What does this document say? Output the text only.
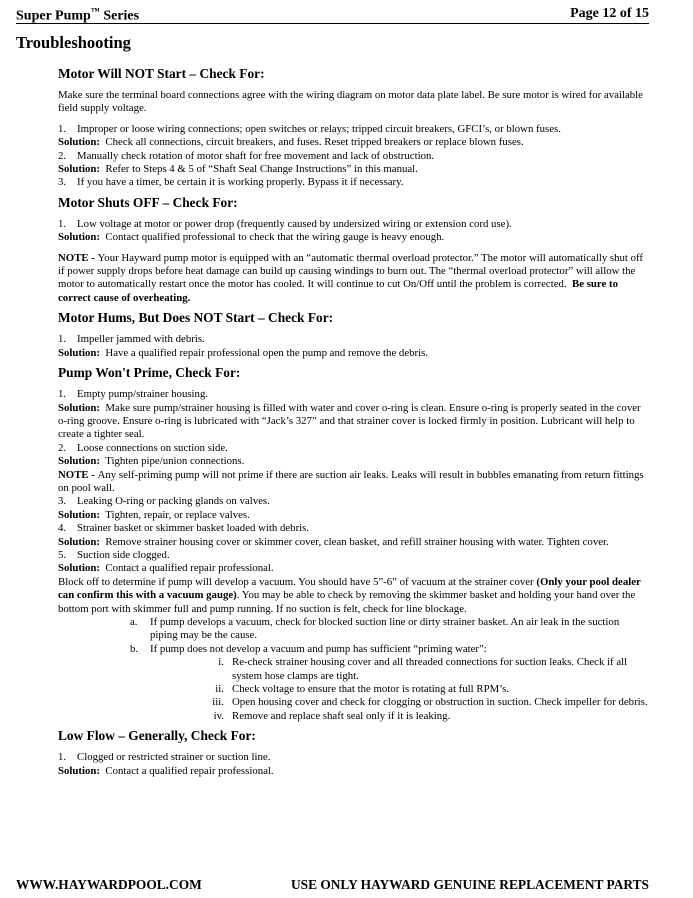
Super Pump™ Series	Page 12 of 15
Troubleshooting
Motor Will NOT Start – Check For:

Make sure the terminal board connections agree with the wiring diagram on motor data plate label. Be sure motor is wired for available field supply voltage.

1.	Improper or loose wiring connections; open switches or relays; tripped circuit breakers, GFCI’s, or blown fuses.

Solution: Check all connections, circuit breakers, and fuses. Reset tripped breakers or replace blown fuses.

2.	Manually check rotation of motor shaft for free movement and lack of obstruction.

Solution: Refer to Steps 4 & 5 of “Shaft Seal Change Instructions” in this manual.

3.	If you have a timer, be certain it is working properly. Bypass it if necessary.
Motor Shuts OFF – Check For:
1.	Low voltage at motor or power drop (frequently caused by undersized wiring or extension cord use).

Solution: Contact qualified professional to check that the wiring gauge is heavy enough.

NOTE - Your Hayward pump motor is equipped with an “automatic thermal overload protector.” The motor will automatically shut off if power supply drops before heat damage can build up causing windings to burn out. The “thermal overload protector” will allow the motor to automatically restart once the motor has cooled. It will continue to cut On/Off until the problem is corrected. Be sure to correct cause of overheating.

Motor Hums, But Does NOT Start – Check For:
1.	Impeller jammed with debris.

Solution: Have a qualified repair professional open the pump and remove the debris.

Pump Won't Prime, Check For:
1.	Empty pump/strainer housing.

Solution: Make sure pump/strainer housing is filled with water and cover o-ring is clean. Ensure o-ring is properly seated in the cover o-ring groove. Ensure o-ring is lubricated with “Jack’s 327” and that strainer cover is locked firmly in position. Lubricant will help to create a tighter seal.

2.	Loose connections on suction side.

Solution: Tighten pipe/union connections.

NOTE - Any self-priming pump will not prime if there are suction air leaks. Leaks will result in bubbles emanating from return fittings on pool wall.

3.	Leaking O-ring or packing glands on valves.

Solution: Tighten, repair, or replace valves.

4.	Strainer basket or skimmer basket loaded with debris.

Solution: Remove strainer housing cover or skimmer cover, clean basket, and refill strainer housing with water. Tighten cover.

5.	Suction side clogged.

Solution: Contact a qualified repair professional.

Block off to determine if pump will develop a vacuum. You should have 5”-6” of vacuum at the strainer cover (Only your pool dealer can confirm this with a vacuum gauge). You may be able to check by removing the skimmer basket and holding your hand over the bottom port with skimmer full and pump running. If no suction is felt, check for line blockage.

a.	If pump develops a vacuum, check for blocked suction line or dirty strainer basket. An air leak in the suction piping may be the cause.
b.	If pump does not develop a vacuum and pump has sufficient “priming water”:
i. Re-check strainer housing cover and all threaded connections for suction leaks. Check if all system hose clamps are tight.
ii. Check voltage to ensure that the motor is rotating at full RPM’s.
iii. Open housing cover and check for clogging or obstruction in suction. Check impeller for debris.
iv. Remove and replace shaft seal only if it is leaking.
Low Flow – Generally, Check For:
1.	Clogged or restricted strainer or suction line.

Solution: Contact a qualified repair professional.

WWW.HAYWARDPOOL.COM	USE ONLY HAYWARD GENUINE REPLACEMENT PARTS
